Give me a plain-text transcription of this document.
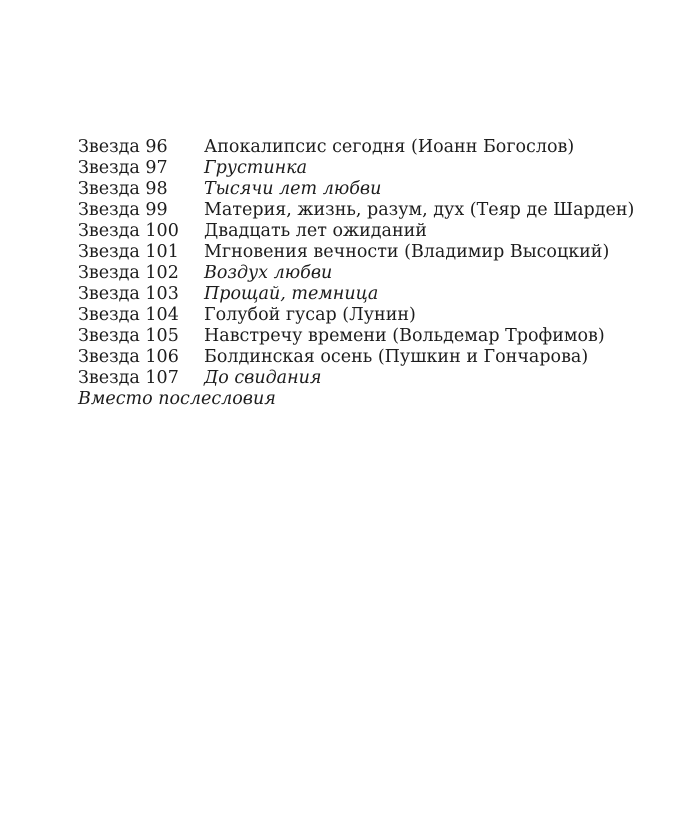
Звезда 96 Апокалипсис сегодня (Иоанн Богослов)
Звезда 97 Грустинка
Звезда 98 Тысячи лет любви
Звезда 99 Материя, жизнь, разум, дух (Теяр де Шарден)
Звезда 100 Двадцать лет ожиданий
Звезда 101 Мгновения вечности (Владимир Высоцкий)
Звезда 102 Воздух любви
Звезда 103 Прощай, темница
Звезда 104 Голубой гусар (Лунин)
Звезда 105 Навстречу времени (Вольдемар Трофимов)
Звезда 106 Болдинская осень (Пушкин и Гончарова)
Звезда 107 До свидания
Вместо послесловия
